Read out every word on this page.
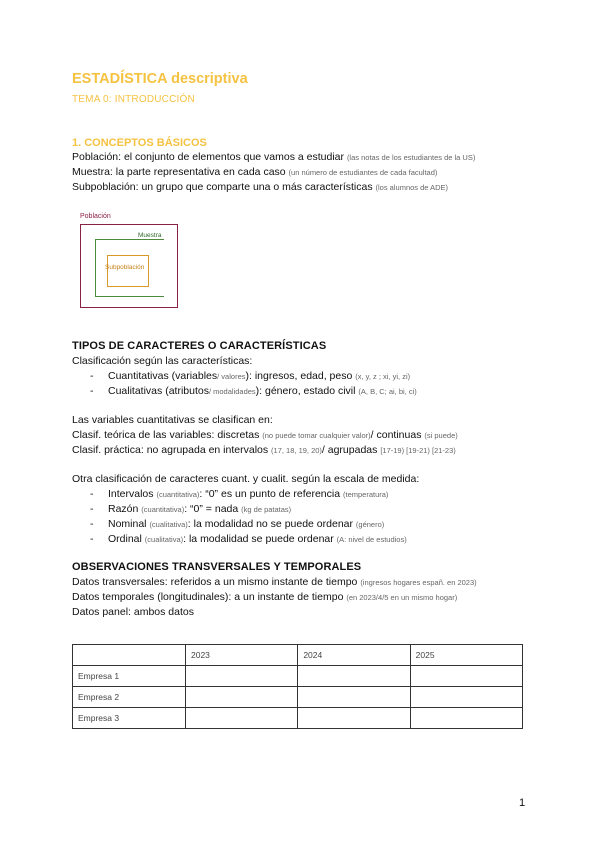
ESTADÍSTICA descriptiva
TEMA 0: INTRODUCCIÓN
1. CONCEPTOS BÁSICOS
Población: el conjunto de elementos que vamos a estudiar (las notas de los estudiantes de la US)
Muestra: la parte representativa en cada caso (un número de estudiantes de cada facultad)
Subpoblación: un grupo que comparte una o más características (los alumnos de ADE)
Población
Muestra
Subpoblación
TIPOS DE CARACTERES O CARACTERÍSTICAS
Clasificación según las características:
- Cuantitativas (variables/ valores): ingresos, edad, peso (x, y, z ; xi, yi, zi)
- Cualitativas (atributos/ modalidades): género, estado civil (A, B, C; ai, bi, ci)
Las variables cuantitativas se clasifican en:
Clasif. teórica de las variables: discretas (no puede tomar cualquier valor)/ continuas (si puede)
Clasif. práctica: no agrupada en intervalos (17, 18, 19, 20)/ agrupadas [17-19) [19-21) [21-23)
Otra clasificación de caracteres cuant. y cualit. según la escala de medida:
- Intervalos (cuantitativa): “0” es un punto de referencia (temperatura)
- Razón (cuantitativa): “0” = nada (kg de patatas)
- Nominal (cualitativa): la modalidad no se puede ordenar (género)
- Ordinal (cualitativa): la modalidad se puede ordenar (A: nivel de estudios)
OBSERVACIONES TRANSVERSALES Y TEMPORALES
Datos transversales: referidos a un mismo instante de tiempo (ingresos hogares españ. en 2023)
Datos temporales (longitudinales): a un instante de tiempo (en 2023/4/5 en un mismo hogar)
Datos panel: ambos datos
	2023	2024	2025
Empresa 1			
Empresa 2			
Empresa 3			
1
